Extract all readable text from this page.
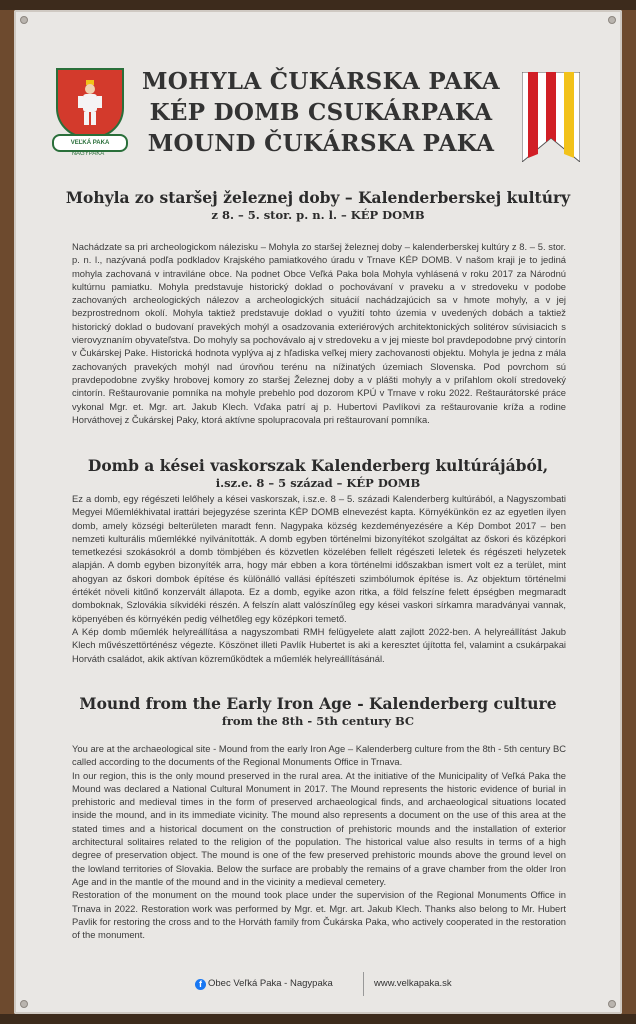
VEĽKÁ PAKA
NAGYPAKA
MOHYLA ČUKÁRSKA PAKA
KÉP DOMB CSUKÁRPAKA
MOUND ČUKÁRSKA PAKA
Mohyla zo staršej železnej doby – Kalenderberskej kultúry
z 8. – 5. stor. p. n. l. – KÉP DOMB

Nachádzate sa pri archeologickom nálezisku – Mohyla zo staršej železnej doby – kalenderberskej kultúry z 8. – 5. stor. p. n. l., nazývaná podľa podkladov Krajského pamiatkového úradu v Trnave KÉP DOMB. V našom kraji je to jediná mohyla zachovaná v intraviláne obce. Na podnet Obce Veľká Paka bola Mohyla vyhlásená v roku 2017 za Národnú kultúrnu pamiatku. Mohyla predstavuje historický doklad o pochovávaní v praveku a v stredoveku v podobe zachovaných archeologických nálezov a archeologických situácií nachádzajúcich sa v hmote mohyly, a v jej bezprostrednom okolí. Mohyla taktiež predstavuje doklad o využití tohto územia v uvedených dobách a taktiež historický doklad o budovaní pravekých mohýl a osadzovania exteriérových architektonických solitérov súvisiacich s vierovyznaním obyvateľstva. Do mohyly sa pochovávalo aj v stredoveku a v jej mieste bol pravdepodobne prvý cintorín v Čukárskej Pake. Historická hodnota vyplýva aj z hľadiska veľkej miery zachovanosti objektu. Mohyla je jedna z mála zachovaných pravekých mohýl nad úrovňou terénu na nížinatých územiach Slovenska. Pod povrchom sú pravdepodobne zvyšky hrobovej komory zo staršej Železnej doby a v plášti mohyly a v priľahlom okolí stredoveký cintorín. Reštaurovanie pomníka na mohyle prebehlo pod dozorom KPÚ v Trnave v roku 2022. Reštaurátorské práce vykonal Mgr. et. Mgr. art. Jakub Klech. Vďaka patrí aj p. Hubertovi Pavlíkovi za reštaurovanie kríža a rodine Horváthovej z Čukárskej Paky, ktorá aktívne spolupracovala pri reštaurovaní pomníka.

Domb a kései vaskorszak Kalenderberg kultúrájából,
i.sz.e. 8 – 5 század – KÉP DOMB

Ez a domb, egy régészeti lelőhely a kései vaskorszak, i.sz.e. 8 – 5. századi Kalenderberg kultúrából, a Nagyszombati Megyei Műemlékhivatal irattári bejegyzése szerinta KÉP DOMB elnevezést kapta. Környékünkön ez az egyetlen ilyen domb, amely községi belterületen maradt fenn. Nagypaka község kezdeményezésére a Kép Dombot 2017 – ben nemzeti kulturális műemlékké nyilvánították. A domb egyben történelmi bizonyítékot szolgáltat az őskori és középkori temetkezési szokásokról a domb tömbjében és közvetlen közelében fellelt régészeti leletek és régészeti helyzetek alapján. A domb egyben bizonyíték arra, hogy már ebben a kora történelmi időszakban ismert volt ez a terület, mint ahogyan az őskori dombok építése és különálló vallási építészeti szimbólumok építése is. Az objektum történelmi értékét növeli kitűnő konzervált állapota. Ez a domb, egyike azon ritka, a föld felszíne felett épségben megmaradt domboknak, Szlovákia síkvidéki részén. A felszín alatt valószínűleg egy kései vaskori sírkamra maradványai vannak, köpenyében és környékén pedig vélhetőleg egy középkori temető.

A Kép domb műemlék helyreállítása a nagyszombati RMH felügyelete alatt zajlott 2022-ben. A helyreállítást Jakub Klech művészettörténész végezte. Köszönet illeti Pavlík Hubertet is aki a keresztet újította fel, valamint a csukárpakai Horváth családot, akik aktívan közreműködtek a műemlék helyreállításánál.

Mound from the Early Iron Age - Kalenderberg culture
from the 8th - 5th century BC

You are at the archaeological site - Mound from the early Iron Age – Kalenderberg culture from the 8th - 5th century BC called according to the documents of the Regional Monuments Office in Trnava.

In our region, this is the only mound preserved in the rural area. At the initiative of the Municipality of Veľká Paka the Mound was declared a National Cultural Monument in 2017. The Mound represents the historic evidence of burial in prehistoric and medieval times in the form of preserved archaeological finds, and archaeological situations located inside the mound, and in its immediate vicinity. The mound also represents a document on the use of this area at the stated times and a historical document on the construction of prehistoric mounds and the installation of exterior architectural solitaires related to the religion of the population. The historical value also results in terms of a high degree of preservation object. The mound is one of the few preserved prehistoric mounds above the ground level on the lowland territories of Slovakia. Below the surface are probably the remains of a grave chamber from the older Iron Age and in the mantle of the mound and in the vicinity a medieval cemetery.

Restoration of the monument on the mound took place under the supervision of the Regional Monuments Office in Trnava in 2022. Restoration work was performed by Mgr. et. Mgr. art. Jakub Klech. Thanks also belong to Mr. Hubert Pavlik for restoring the cross and to the Horváth family from Čukárska Paka, who actively cooperated in the restoration of the monument.

f Obec Veľká Paka - Nagypaka	www.velkapaka.sk
